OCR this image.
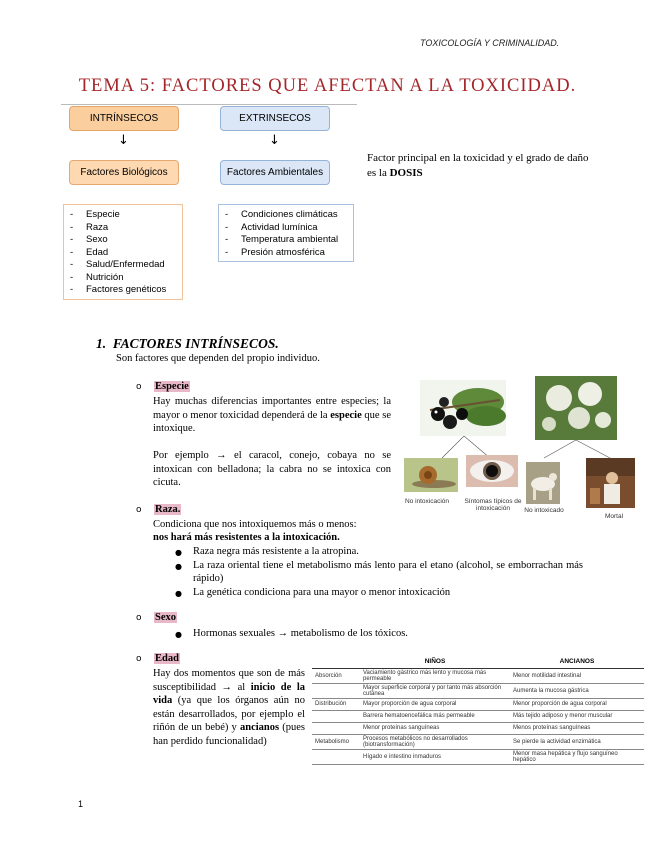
TOXICOLOGÍA Y CRIMINALIDAD.
TEMA 5: FACTORES QUE AFECTAN A LA TOXICIDAD.
INTRÍNSECOS	EXTRINSECOS
↓	↓
Factores Biológicos	Factores Ambientales
- Especie
- Raza
- Sexo
- Edad
- Salud/Enfermedad
- Nutrición
- Factores genéticos
- Condiciones climáticas
- Actividad lumínica
- Temperatura ambiental
- Presión atmosférica
Factor principal en la toxicidad y el grado de daño es la DOSIS
1. FACTORES INTRÍNSECOS.
Son factores que dependen del propio individuo.
o Especie
Hay muchas diferencias importantes entre especies; la mayor o menor toxicidad dependerá de la especie que se intoxique.
Por ejemplo → el caracol, conejo, cobaya no se intoxican con belladona; la cabra no se intoxica con cicuta.
No intoxicación	Síntomas típicos de intoxicación	No intoxicado
Mortal
o Raza.
Condiciona que nos intoxiquemos más o menos:
nos hará más resistentes a la intoxicación.
● Raza negra más resistente a la atropina.
● La raza oriental tiene el metabolismo más lento para el etano (alcohol, se emborrachan más rápido)
● La genética condiciona para una mayor o menor intoxicación
o Sexo
● Hormonas sexuales → metabolismo de los tóxicos.
o Edad
Hay dos momentos que son de más susceptibilidad → al inicio de la vida (ya que los órganos aún no están desarrollados, por ejemplo el riñón de un bebé) y ancianos (pues han perdido funcionalidad)
	NIÑOS	ANCIANOS
Absorción	Vaciamiento gástrico más lento y mucosa más permeable	Menor motilidad intestinal
	Mayor superficie corporal y por tanto más absorción cutánea	Aumenta la mucosa gástrica
Distribución	Mayor proporción de agua corporal	Menor proporción de agua corporal
	Barrera hematoencefálica más permeable	Más tejido adiposo y menor muscular
	Menor proteínas sanguíneas	Menos proteínas sanguíneas
Metabolismo	Procesos metabólicos no desarrollados (biotransformación)	Se pierde la actividad enzimática
	Hígado e intestino inmaduros	Menor masa hepática y flujo sanguíneo hepático
1
